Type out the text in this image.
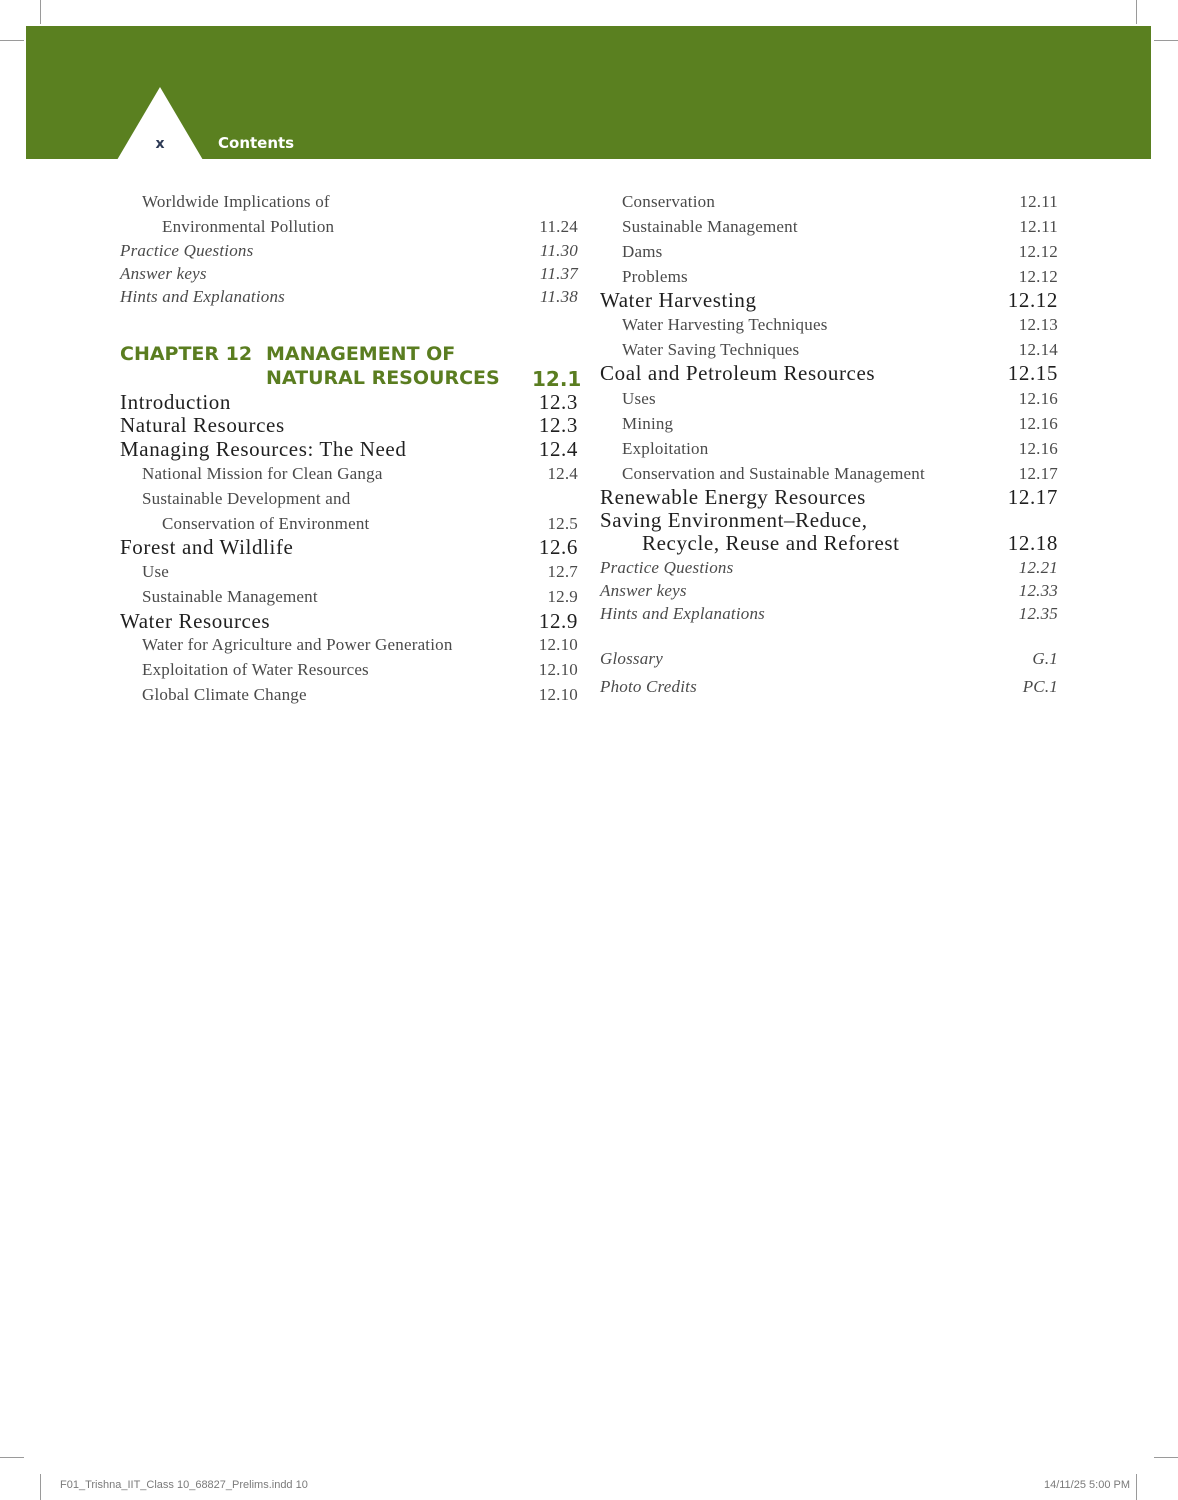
x	Contents
CHAPTER 12 MANAGEMENT OF
NATURAL RESOURCES 12.1
Worldwide Implications of
Environmental Pollution	11.24
Practice Questions	11.30
Answer keys	11.37
Hints and Explanations	11.38
Introduction	12.3
Natural Resources	12.3
Managing Resources: The Need	12.4
National Mission for Clean Ganga	12.4
Sustainable Development and
Conservation of Environment	12.5
Forest and Wildlife	12.6
Use	12.7
Sustainable Management	12.9
Water Resources	12.9
Water for Agriculture and Power Generation	12.10
Exploitation of Water Resources	12.10
Global Climate Change	12.10
Conservation	12.11
Sustainable Management	12.11
Dams	12.12
Problems	12.12
Water Harvesting	12.12
Water Harvesting Techniques	12.13
Water Saving Techniques	12.14
Coal and Petroleum Resources	12.15
Uses	12.16
Mining	12.16
Exploitation	12.16
Conservation and Sustainable Management	12.17
Renewable Energy Resources	12.17
Saving Environment–Reduce,
Recycle, Reuse and Reforest	12.18
Practice Questions	12.21
Answer keys	12.33
Hints and Explanations	12.35
Glossary	G.1
Photo Credits	PC.1
F01_Trishna_IIT_Class 10_68827_Prelims.indd 10	14/11/25 5:00 PM
